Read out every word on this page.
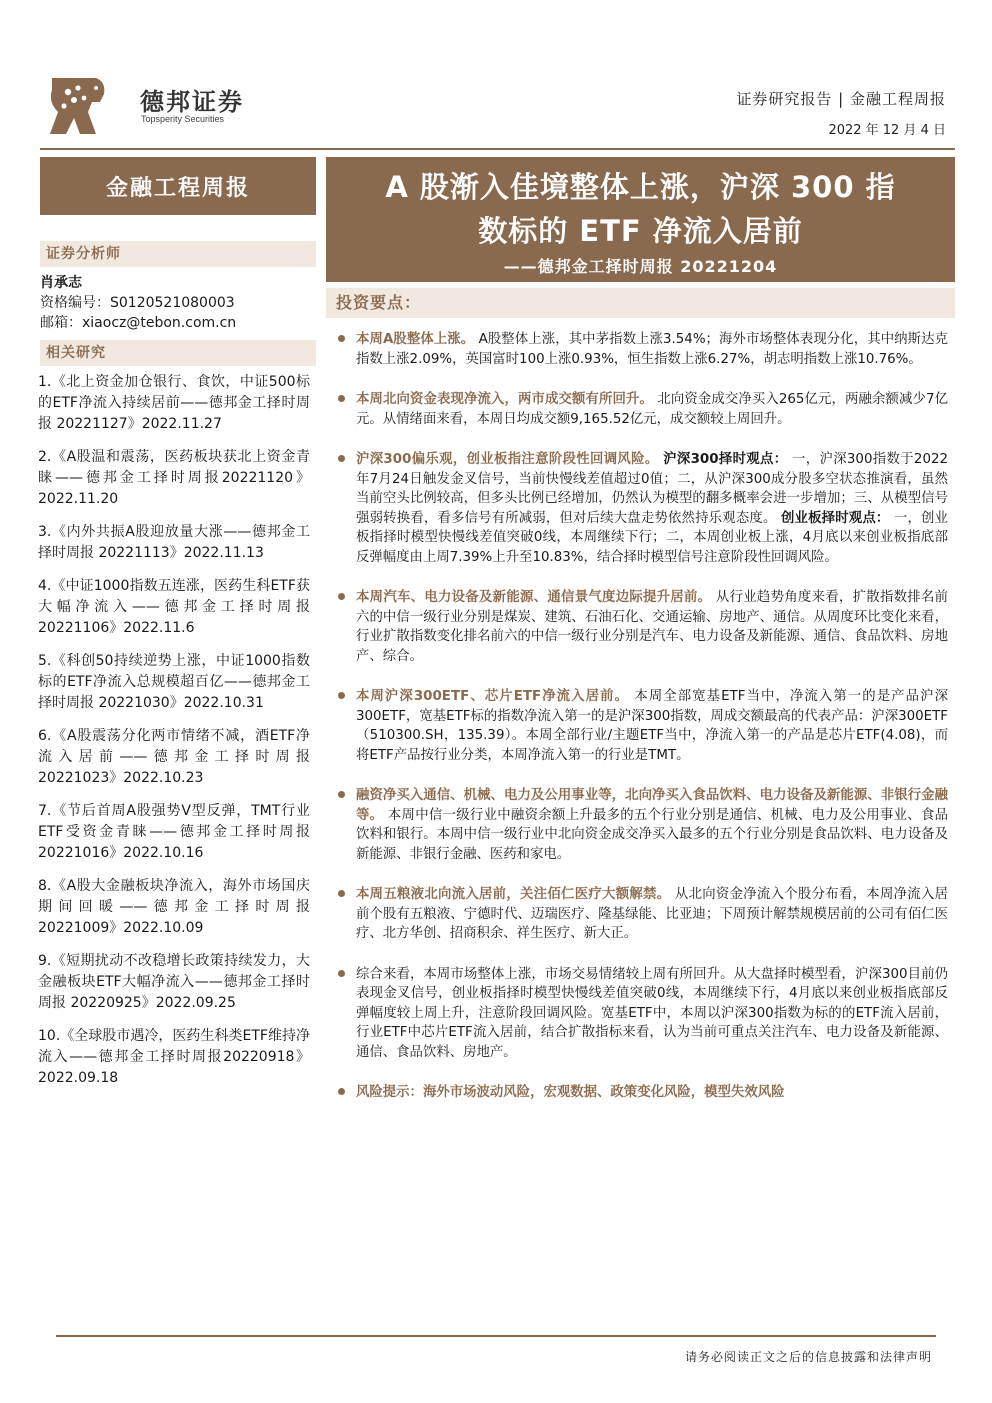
德邦证券
Topsperity Securities
证券研究报告 | 金融工程周报
2022 年 12 月 4 日
金融工程周报
证券分析师
肖承志
资格编号：S0120521080003
邮箱：xiaocz@tebon.com.cn
相关研究
1.《北上资金加仓银行、食饮，中证500标的ETF净流入持续居前——德邦金工择时周报 20221127》2022.11.27
2.《A股温和震荡，医药板块获北上资金青睐——德邦金工择时周报20221120》2022.11.20
3.《内外共振A股迎放量大涨——德邦金工择时周报 20221113》2022.11.13
4.《中证1000指数五连涨，医药生科ETF获大幅净流入——德邦金工择时周报20221106》2022.11.6
5.《科创50持续逆势上涨，中证1000指数标的ETF净流入总规模超百亿——德邦金工择时周报 20221030》2022.10.31
6.《A股震荡分化两市情绪不减，酒ETF净流入居前——德邦金工择时周报20221023》2022.10.23
7.《节后首周A股强势V型反弹，TMT行业ETF受资金青睐——德邦金工择时周报20221016》2022.10.16
8.《A股大金融板块净流入，海外市场国庆期间回暖——德邦金工择时周报20221009》2022.10.09
9.《短期扰动不改稳增长政策持续发力，大金融板块ETF大幅净流入——德邦金工择时周报 20220925》2022.09.25
10.《全球股市遇冷，医药生科类ETF维持净流入——德邦金工择时周报20220918》2022.09.18
A 股渐入佳境整体上涨，沪深 300 指
数标的 ETF 净流入居前
——德邦金工择时周报 20221204
投资要点：
本周A股整体上涨。 A股整体上涨，其中茅指数上涨3.54%；海外市场整体表现分化，其中纳斯达克指数上涨2.09%，英国富时100上涨0.93%，恒生指数上涨6.27%，胡志明指数上涨10.76%。
本周北向资金表现净流入，两市成交额有所回升。 北向资金成交净买入265亿元，两融余额减少7亿元。从情绪面来看，本周日均成交额9,165.52亿元，成交额较上周回升。
沪深300偏乐观，创业板指注意阶段性回调风险。 沪深300择时观点： 一，沪深300指数于2022年7月24日触发金叉信号，当前快慢线差值超过0值；二，从沪深300成分股多空状态推演看，虽然当前空头比例较高，但多头比例已经增加，仍然认为模型的翻多概率会进一步增加；三、从模型信号强弱转换看，看多信号有所减弱，但对后续大盘走势依然持乐观态度。 创业板择时观点： 一，创业板指择时模型快慢线差值突破0线，本周继续下行；二，本周创业板上涨，4月底以来创业板指底部反弹幅度由上周7.39%上升至10.83%，结合择时模型信号注意阶段性回调风险。
本周汽车、电力设备及新能源、通信景气度边际提升居前。 从行业趋势角度来看，扩散指数排名前六的中信一级行业分别是煤炭、建筑、石油石化、交通运输、房地产、通信。从周度环比变化来看，行业扩散指数变化排名前六的中信一级行业分别是汽车、电力设备及新能源、通信、食品饮料、房地产、综合。
本周沪深300ETF、芯片ETF净流入居前。 本周全部宽基ETF当中，净流入第一的是产品沪深300ETF，宽基ETF标的指数净流入第一的是沪深300指数，周成交额最高的代表产品：沪深300ETF（510300.SH，135.39）。本周全部行业/主题ETF当中，净流入第一的产品是芯片ETF(4.08)，而将ETF产品按行业分类，本周净流入第一的行业是TMT。
融资净买入通信、机械、电力及公用事业等，北向净买入食品饮料、电力设备及新能源、非银行金融等。 本周中信一级行业中融资余额上升最多的五个行业分别是通信、机械、电力及公用事业、食品饮料和银行。本周中信一级行业中北向资金成交净买入最多的五个行业分别是食品饮料、电力设备及新能源、非银行金融、医药和家电。
本周五粮液北向流入居前，关注佰仁医疗大额解禁。 从北向资金净流入个股分布看，本周净流入居前个股有五粮液、宁德时代、迈瑞医疗、隆基绿能、比亚迪；下周预计解禁规模居前的公司有佰仁医疗、北方华创、招商积余、祥生医疗、新大正。
综合来看，本周市场整体上涨，市场交易情绪较上周有所回升。从大盘择时模型看，沪深300目前仍表现金叉信号，创业板指择时模型快慢线差值突破0线，本周继续下行，4月底以来创业板指底部反弹幅度较上周上升，注意阶段回调风险。宽基ETF中，本周以沪深300指数为标的的ETF流入居前，行业ETF中芯片ETF流入居前，结合扩散指标来看，认为当前可重点关注汽车、电力设备及新能源、通信、食品饮料、房地产。
风险提示：海外市场波动风险，宏观数据、政策变化风险，模型失效风险
请务必阅读正文之后的信息披露和法律声明
